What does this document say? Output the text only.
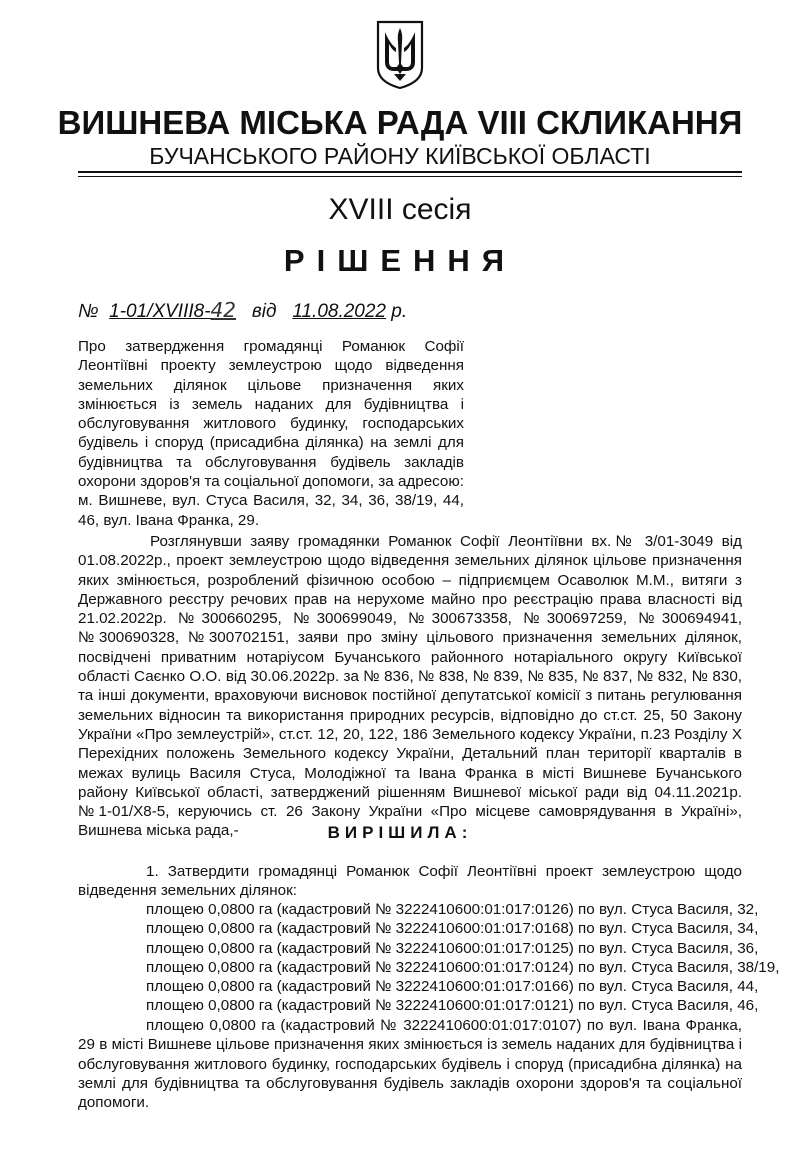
ВИШНЕВА МІСЬКА РАДА VIII СКЛИКАННЯ
БУЧАНСЬКОГО РАЙОНУ КИЇВСЬКОЇ ОБЛАСТІ
XVIII сесія
РІШЕННЯ
№ 1-01/XVIII8-42 від 11.08.2022 р.

Про затвердження громадянці Романюк Софії Леонтіївні проекту землеустрою щодо відведення земельних ділянок цільове призначення яких змінюється із земель наданих для будівництва і обслуговування житлового будинку, господарських будівель і споруд (присадибна ділянка) на землі для будівництва та обслуговування будівель закладів охорони здоров'я та соціальної допомоги, за адресою: м. Вишневе, вул. Стуса Василя, 32, 34, 36, 38/19, 44, 46, вул. Івана Франка, 29.

Розглянувши заяву громадянки Романюк Софії Леонтіївни вх.№ 3/01-3049 від 01.08.2022р., проект землеустрою щодо відведення земельних ділянок цільове призначення яких змінюється, розроблений фізичною особою – підприємцем Осаволюк М.М., витяги з Державного реєстру речових прав на нерухоме майно про реєстрацію права власності від 21.02.2022р. №300660295, №300699049, №300673358, №300697259, №300694941, №300690328, №300702151, заяви про зміну цільового призначення земельних ділянок, посвідчені приватним нотаріусом Бучанського районного нотаріального округу Київської області Саєнко О.О. від 30.06.2022р. за № 836, № 838, № 839, № 835, № 837, № 832, № 830, та інші документи, враховуючи висновок постійної депутатської комісії з питань регулювання земельних відносин та використання природних ресурсів, відповідно до ст.ст. 25, 50 Закону України «Про землеустрій», ст.ст. 12, 20, 122, 186 Земельного кодексу України, п.23 Розділу X Перехідних положень Земельного кодексу України, Детальний план території кварталів в межах вулиць Василя Стуса, Молодіжної та Івана Франка в місті Вишневе Бучанського району Київської області, затверджений рішенням Вишневої міської ради від 04.11.2021р. №1-01/X8-5, керуючись ст. 26 Закону України «Про місцеве самоврядування в Україні», Вишнева міська рада,-	ВИРІШИЛА:

1. Затвердити громадянці Романюк Софії Леонтіївні проект землеустрою щодо відведення земельних ділянок:

площею 0,0800 га (кадастровий № 3222410600:01:017:0126) по вул. Стуса Василя, 32,
площею 0,0800 га (кадастровий № 3222410600:01:017:0168) по вул. Стуса Василя, 34,
площею 0,0800 га (кадастровий № 3222410600:01:017:0125) по вул. Стуса Василя, 36,
площею 0,0800 га (кадастровий № 3222410600:01:017:0124) по вул. Стуса Василя, 38/19,
площею 0,0800 га (кадастровий № 3222410600:01:017:0166) по вул. Стуса Василя, 44,
площею 0,0800 га (кадастровий № 3222410600:01:017:0121) по вул. Стуса Василя, 46,

площею 0,0800 га (кадастровий № 3222410600:01:017:0107) по вул. Івана Франка, 29 в місті Вишневе цільове призначення яких змінюється із земель наданих для будівництва і обслуговування житлового будинку, господарських будівель і споруд (присадибна ділянка) на землі для будівництва та обслуговування будівель закладів охорони здоров'я та соціальної допомоги.
